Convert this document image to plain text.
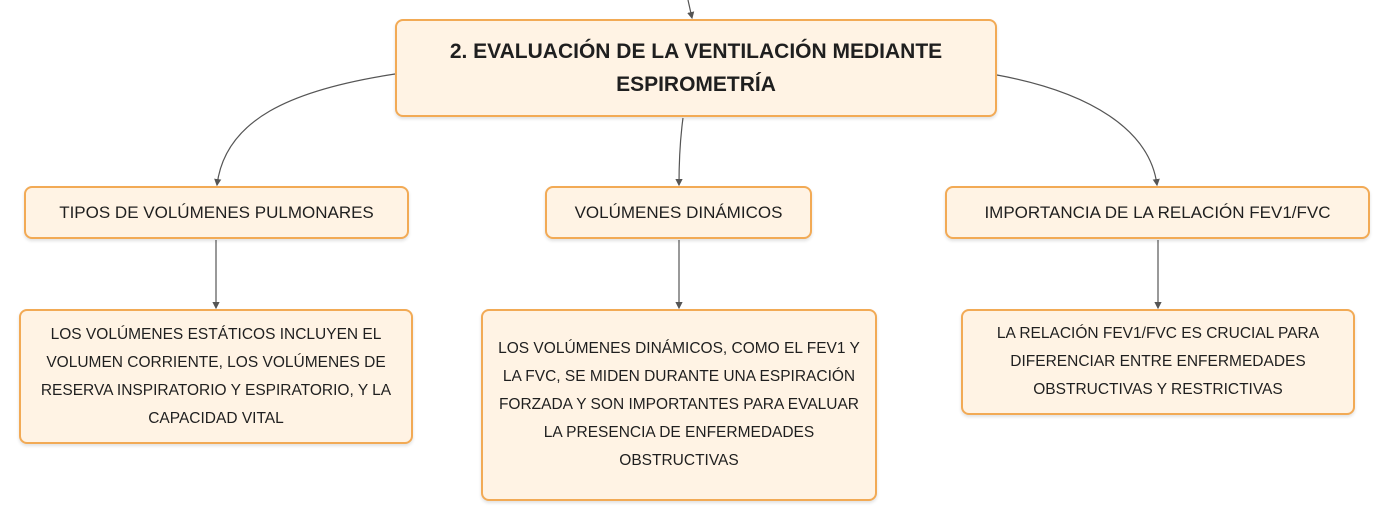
2. EVALUACIÓN DE LA VENTILACIÓN MEDIANTE ESPIROMETRÍA
TIPOS DE VOLÚMENES PULMONARES	VOLÚMENES DINÁMICOS	IMPORTANCIA DE LA RELACIÓN FEV1/FVC
LOS VOLÚMENES ESTÁTICOS INCLUYEN EL VOLUMEN CORRIENTE, LOS VOLÚMENES DE RESERVA INSPIRATORIO Y ESPIRATORIO, Y LA CAPACIDAD VITAL
LOS VOLÚMENES DINÁMICOS, COMO EL FEV1 Y LA FVC, SE MIDEN DURANTE UNA ESPIRACIÓN FORZADA Y SON IMPORTANTES PARA EVALUAR LA PRESENCIA DE ENFERMEDADES OBSTRUCTIVAS
LA RELACIÓN FEV1/FVC ES CRUCIAL PARA DIFERENCIAR ENTRE ENFERMEDADES OBSTRUCTIVAS Y RESTRICTIVAS
